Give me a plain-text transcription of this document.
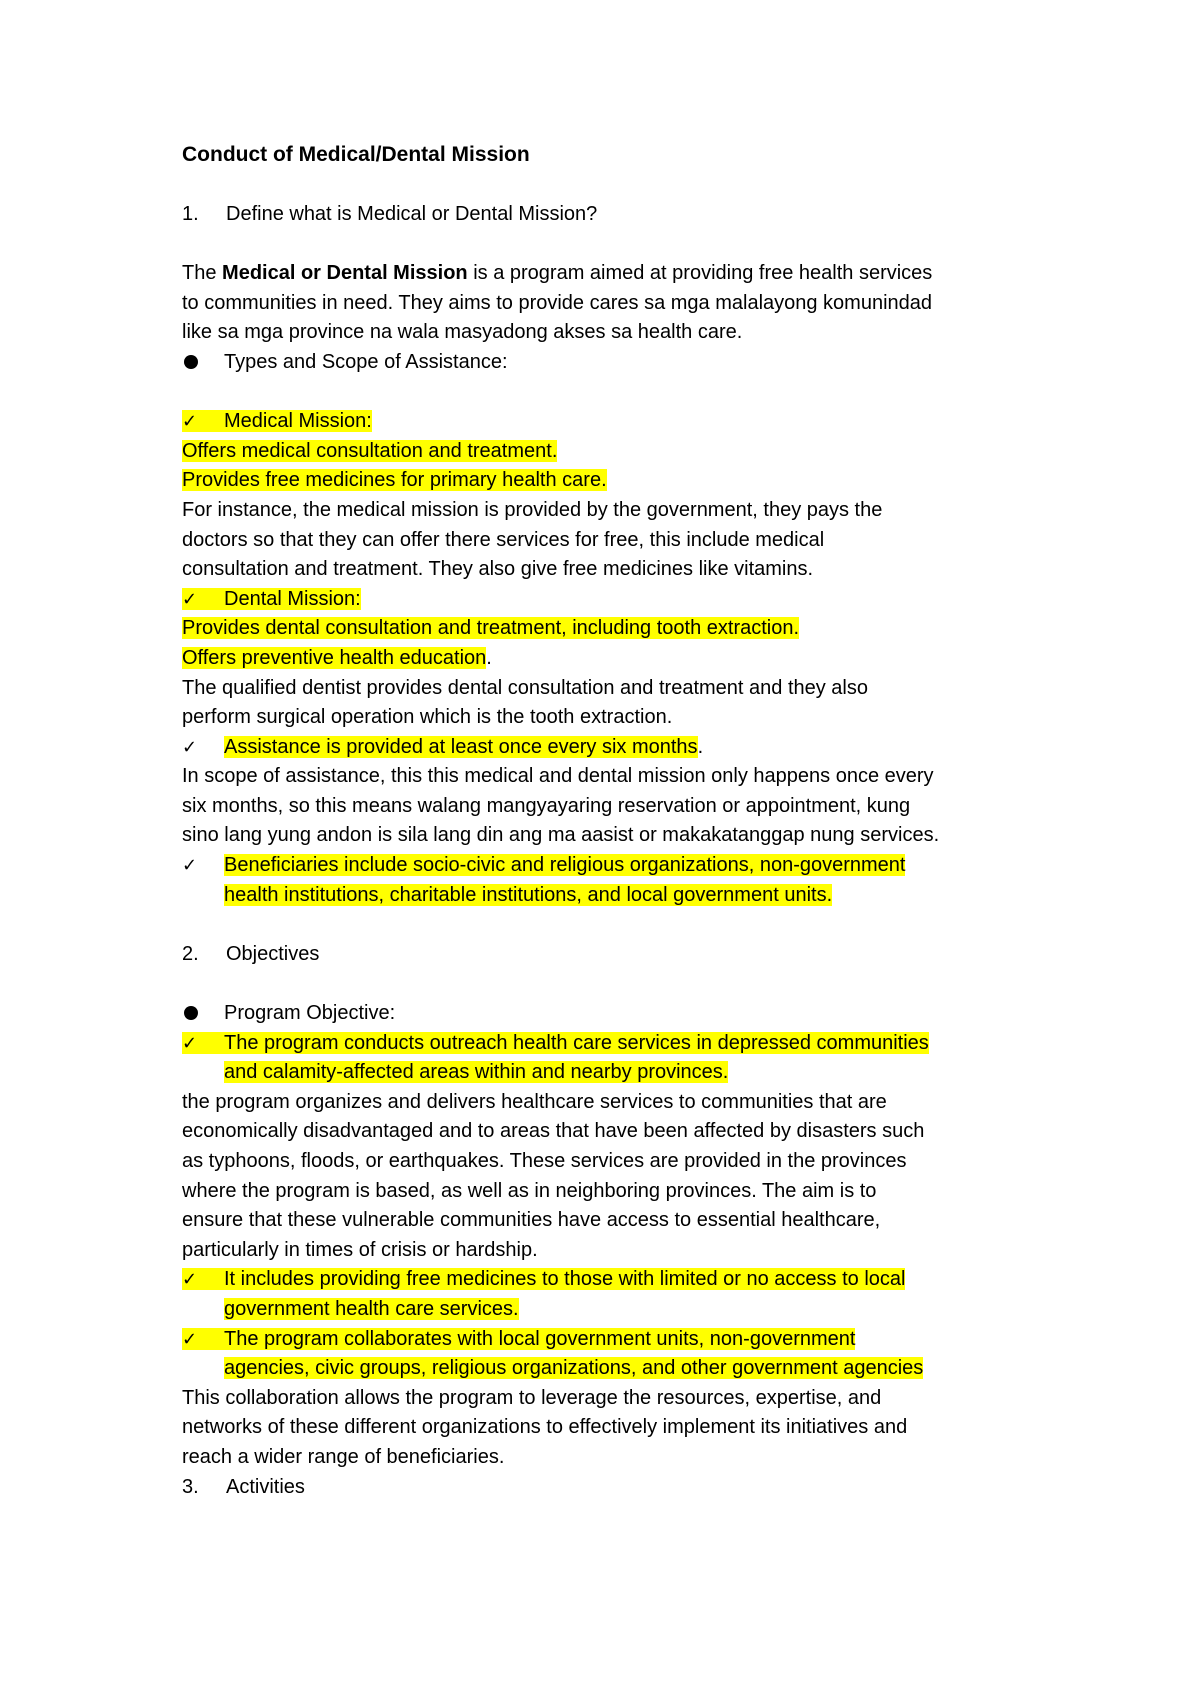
Conduct of Medical/Dental Mission
1. Define what is Medical or Dental Mission?
The Medical or Dental Mission is a program aimed at providing free health services
to communities in need. They aims to provide cares sa mga malalayong komunindad
like sa mga province na wala masyadong akses sa health care.
Types and Scope of Assistance:
✓ Medical Mission:
Offers medical consultation and treatment.
Provides free medicines for primary health care.
For instance, the medical mission is provided by the government, they pays the
doctors so that they can offer there services for free, this include medical
consultation and treatment. They also give free medicines like vitamins.
✓ Dental Mission:
Provides dental consultation and treatment, including tooth extraction.
Offers preventive health education.
The qualified dentist provides dental consultation and treatment and they also
perform surgical operation which is the tooth extraction.
✓ Assistance is provided at least once every six months.
In scope of assistance, this this medical and dental mission only happens once every
six months, so this means walang mangyayaring reservation or appointment, kung
sino lang yung andon is sila lang din ang ma aasist or makakatanggap nung services.
✓ Beneficiaries include socio-civic and religious organizations, non-government
health institutions, charitable institutions, and local government units.
2. Objectives
Program Objective:
✓ The program conducts outreach health care services in depressed communities
and calamity-affected areas within and nearby provinces.
the program organizes and delivers healthcare services to communities that are
economically disadvantaged and to areas that have been affected by disasters such
as typhoons, floods, or earthquakes. These services are provided in the provinces
where the program is based, as well as in neighboring provinces. The aim is to
ensure that these vulnerable communities have access to essential healthcare,
particularly in times of crisis or hardship.
✓ It includes providing free medicines to those with limited or no access to local
government health care services.
✓ The program collaborates with local government units, non-government
agencies, civic groups, religious organizations, and other government agencies
This collaboration allows the program to leverage the resources, expertise, and
networks of these different organizations to effectively implement its initiatives and
reach a wider range of beneficiaries.
3. Activities
